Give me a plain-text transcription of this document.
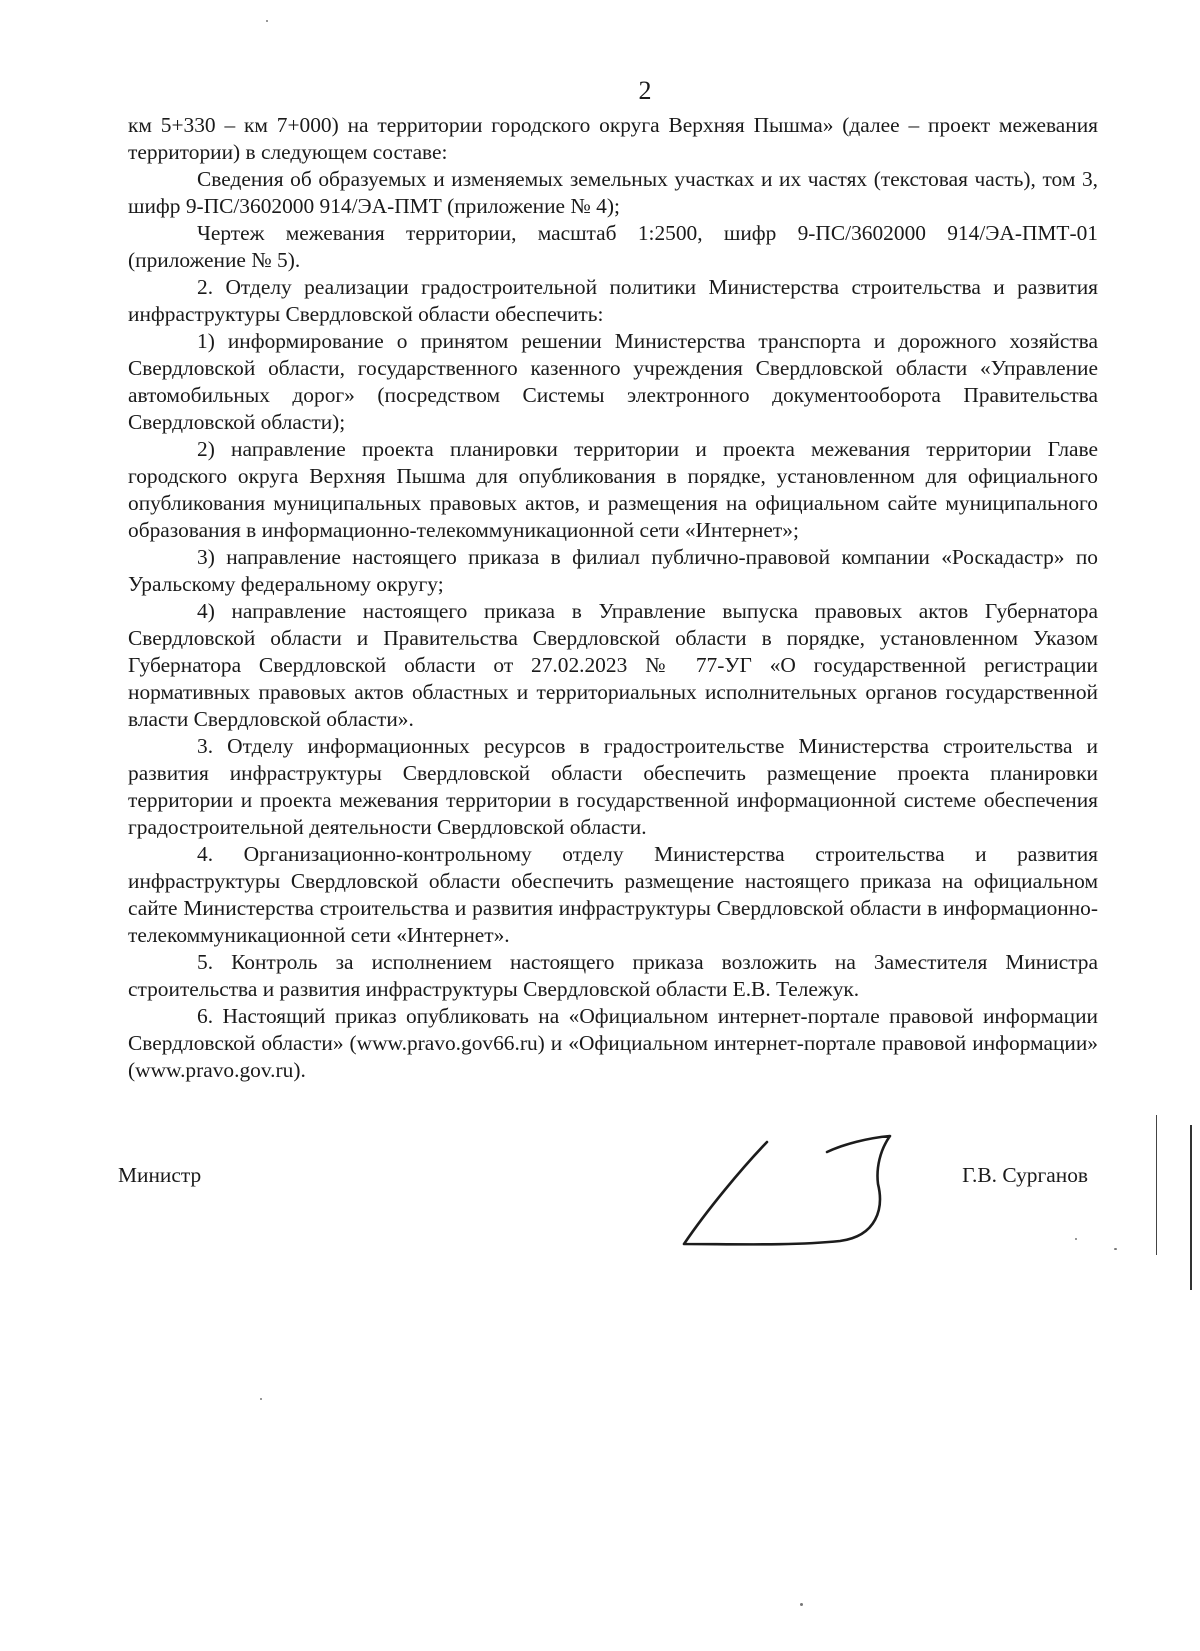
2

км 5+330 – км 7+000) на территории городского округа Верхняя Пышма» (далее – проект межевания территории) в следующем составе:

Сведения об образуемых и изменяемых земельных участках и их частях (текстовая часть), том 3, шифр 9-ПС/3602000 914/ЭА-ПМТ (приложение № 4);

Чертеж межевания территории, масштаб 1:2500, шифр 9-ПС/3602000 914/ЭА-ПМТ-01 (приложение № 5).

2. Отделу реализации градостроительной политики Министерства строительства и развития инфраструктуры Свердловской области обеспечить:

1) информирование о принятом решении Министерства транспорта и дорожного хозяйства Свердловской области, государственного казенного учреждения Свердловской области «Управление автомобильных дорог» (посредством Системы электронного документооборота Правительства Свердловской области);

2) направление проекта планировки территории и проекта межевания территории Главе городского округа Верхняя Пышма для опубликования в порядке, установленном для официального опубликования муниципальных правовых актов, и размещения на официальном сайте муниципального образования в информационно-телекоммуникационной сети «Интернет»;

3) направление настоящего приказа в филиал публично-правовой компании «Роскадастр» по Уральскому федеральному округу;

4) направление настоящего приказа в Управление выпуска правовых актов Губернатора Свердловской области и Правительства Свердловской области в порядке, установленном Указом Губернатора Свердловской области от 27.02.2023 № 77-УГ «О государственной регистрации нормативных правовых актов областных и территориальных исполнительных органов государственной власти Свердловской области».

3. Отделу информационных ресурсов в градостроительстве Министерства строительства и развития инфраструктуры Свердловской области обеспечить размещение проекта планировки территории и проекта межевания территории в государственной информационной системе обеспечения градостроительной деятельности Свердловской области.

4. Организационно-контрольному отделу Министерства строительства и развития инфраструктуры Свердловской области обеспечить размещение настоящего приказа на официальном сайте Министерства строительства и развития инфраструктуры Свердловской области в информационно-телекоммуникационной сети «Интернет».

5. Контроль за исполнением настоящего приказа возложить на Заместителя Министра строительства и развития инфраструктуры Свердловской области Е.В. Тележук.

6. Настоящий приказ опубликовать на «Официальном интернет-портале правовой информации Свердловской области» (www.pravo.gov66.ru) и «Официальном интернет-портале правовой информации» (www.pravo.gov.ru).

Министр	Г.В. Сурганов
